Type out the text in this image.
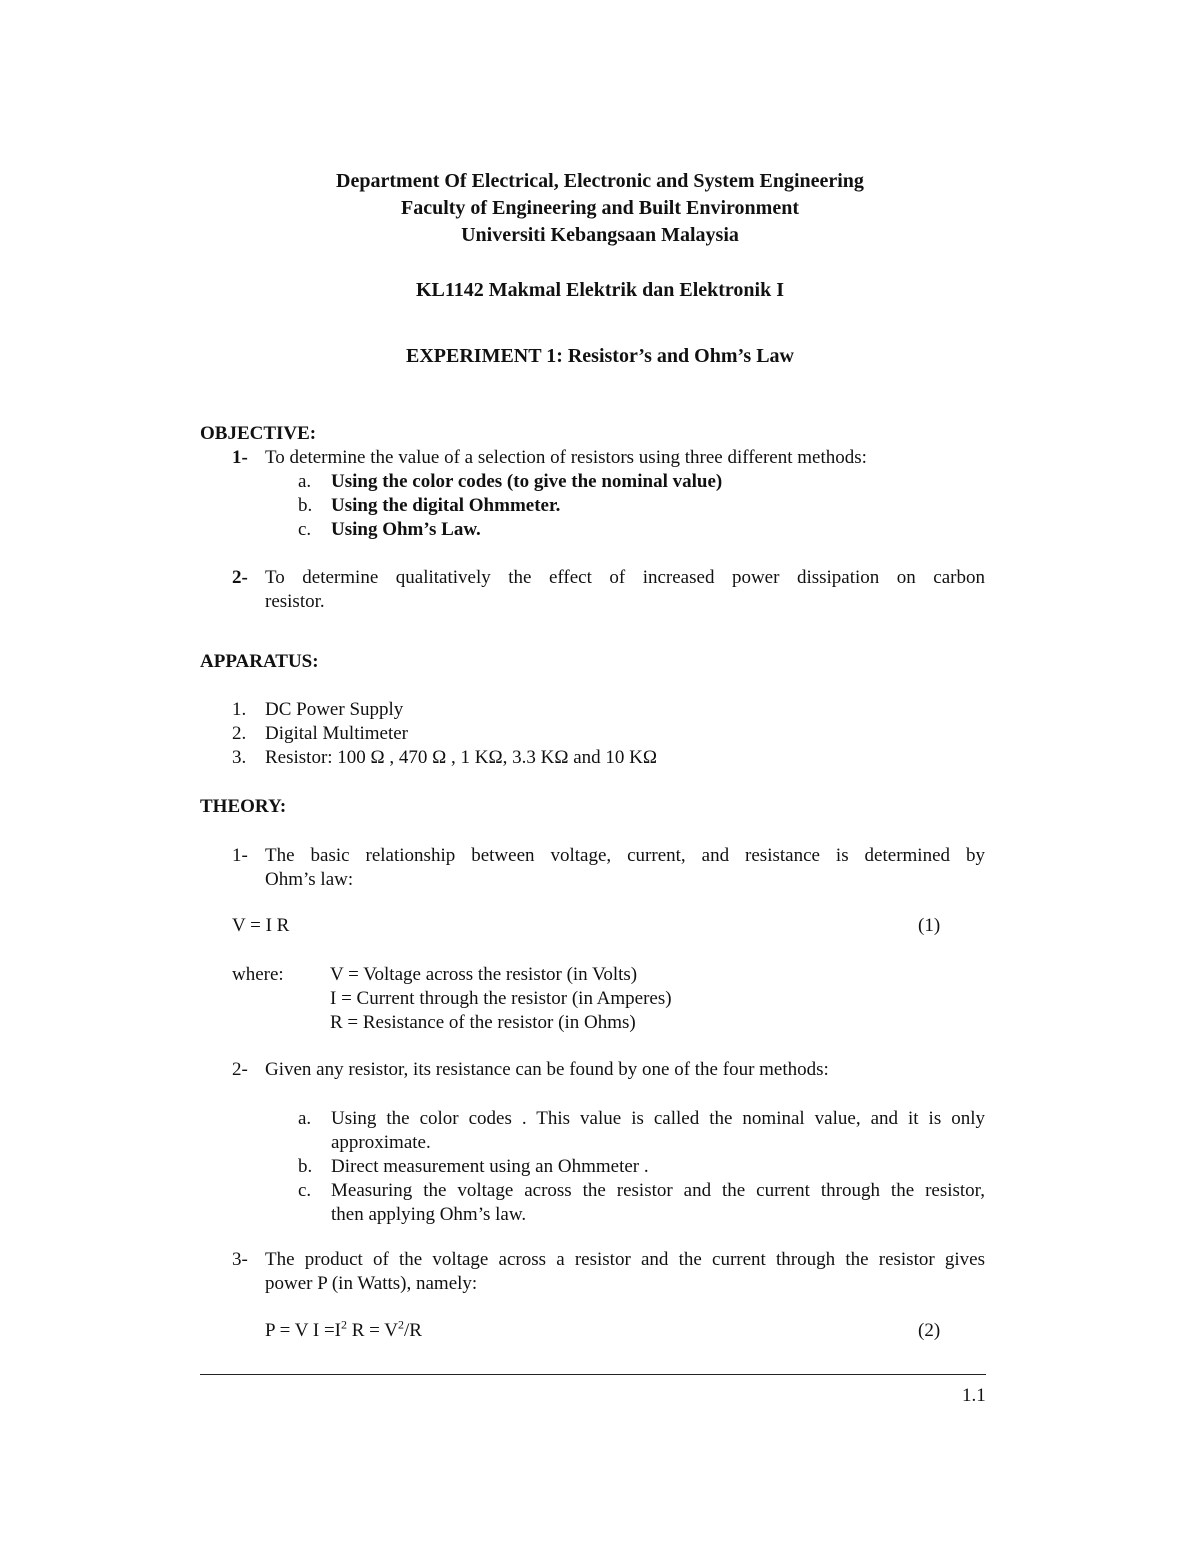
Department Of Electrical, Electronic and System Engineering
Faculty of Engineering and Built Environment
Universiti Kebangsaan Malaysia
KL1142 Makmal Elektrik dan Elektronik I
EXPERIMENT 1: Resistor’s and Ohm’s Law
OBJECTIVE:
1- To determine the value of a selection of resistors using three different methods:
a. Using the color codes (to give the nominal value)
b. Using the digital Ohmmeter.
c. Using Ohm’s Law.
2- To determine qualitatively the effect of increased power dissipation on carbon
resistor.
APPARATUS:
1. DC Power Supply
2. Digital Multimeter
3. Resistor: 100 Ω , 470 Ω , 1 KΩ, 3.3 KΩ and 10 KΩ
THEORY:
1- The basic relationship between voltage, current, and resistance is determined by
Ohm’s law:
V = I R	(1)
where: V = Voltage across the resistor (in Volts)
I = Current through the resistor (in Amperes)
R = Resistance of the resistor (in Ohms)
2- Given any resistor, its resistance can be found by one of the four methods:
a. Using the color codes . This value is called the nominal value, and it is only
approximate.
b. Direct measurement using an Ohmmeter .
c. Measuring the voltage across the resistor and the current through the resistor,
then applying Ohm’s law.
3- The product of the voltage across a resistor and the current through the resistor gives
power P (in Watts), namely:
P = V $I =I^2$ $R = V^2/R$	(2)
1.1
